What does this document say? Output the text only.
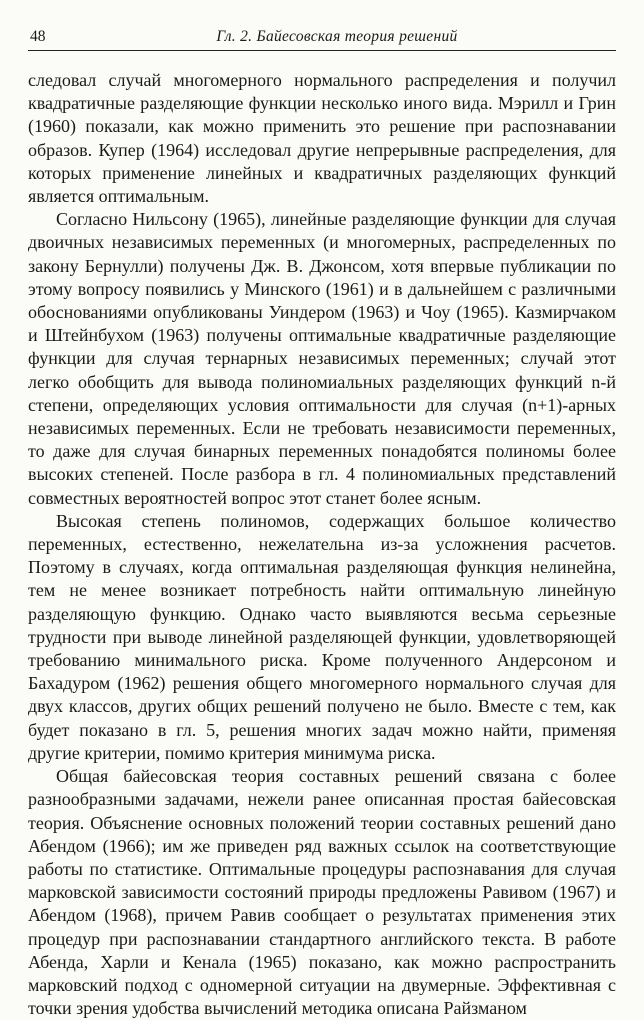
48	Гл. 2. Байесовская теория решений

следовал случай многомерного нормального распределения и получил квадратичные разделяющие функции несколько иного вида. Мэрилл и Грин (1960) показали, как можно применить это решение при распознавании образов. Купер (1964) исследовал другие непрерывные распределения, для которых применение линейных и квадратичных разделяющих функций является оптимальным.

Согласно Нильсону (1965), линейные разделяющие функции для случая двоичных независимых переменных (и многомерных, распределенных по закону Бернулли) получены Дж. В. Джонсом, хотя впервые публикации по этому вопросу появились у Минского (1961) и в дальнейшем с различными обоснованиями опубликованы Уиндером (1963) и Чоу (1965). Казмирчаком и Штейнбухом (1963) получены оптимальные квадратичные разделяющие функции для случая тернарных независимых переменных; случай этот легко обобщить для вывода полиномиальных разделяющих функций n-й степени, определяющих условия оптимальности для случая (n+1)-арных независимых переменных. Если не требовать независимости переменных, то даже для случая бинарных переменных понадобятся полиномы более высоких степеней. После разбора в гл. 4 полиномиальных представлений совместных вероятностей вопрос этот станет более ясным.

Высокая степень полиномов, содержащих большое количество переменных, естественно, нежелательна из-за усложнения расчетов. Поэтому в случаях, когда оптимальная разделяющая функция нелинейна, тем не менее возникает потребность найти оптимальную линейную разделяющую функцию. Однако часто выявляются весьма серьезные трудности при выводе линейной разделяющей функции, удовлетворяющей требованию минимального риска. Кроме полученного Андерсоном и Бахадуром (1962) решения общего многомерного нормального случая для двух классов, других общих решений получено не было. Вместе с тем, как будет показано в гл. 5, решения многих задач можно найти, применяя другие критерии, помимо критерия минимума риска.

Общая байесовская теория составных решений связана с более разнообразными задачами, нежели ранее описанная простая байесовская теория. Объяснение основных положений теории составных решений дано Абендом (1966); им же приведен ряд важных ссылок на соответствующие работы по статистике. Оптимальные процедуры распознавания для случая марковской зависимости состояний природы предложены Равивом (1967) и Абендом (1968), причем Равив сообщает о результатах применения этих процедур при распознавании стандартного английского текста. В работе Абенда, Харли и Кенала (1965) показано, как можно распространить марковский подход с одномерной ситуации на двумерные. Эффективная с точки зрения удобства вычислений методика описана Райзманом
